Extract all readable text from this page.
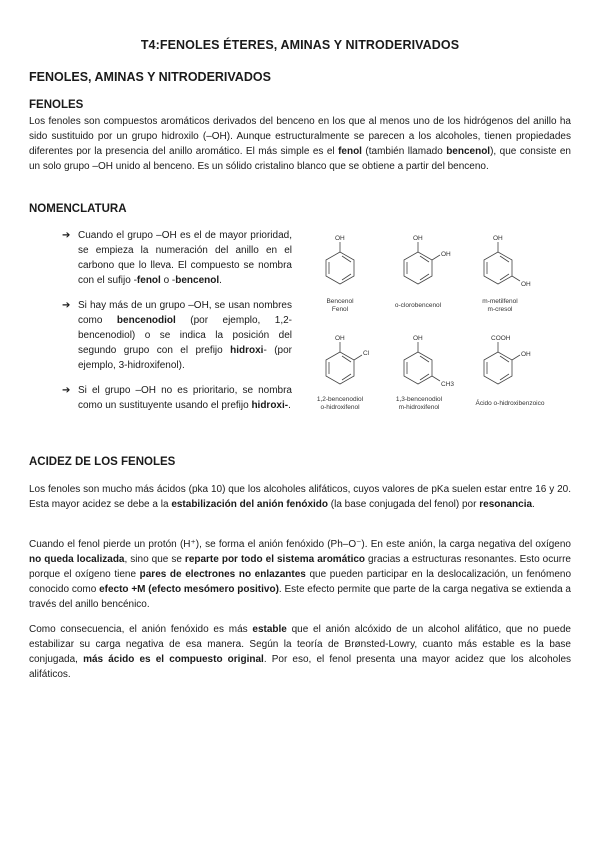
T4:FENOLES ÉTERES, AMINAS Y NITRODERIVADOS
FENOLES, AMINAS Y NITRODERIVADOS
FENOLES

Los fenoles son compuestos aromáticos derivados del benceno en los que al menos uno de los hidrógenos del anillo ha sido sustituido por un grupo hidroxilo (–OH). Aunque estructuralmente se parecen a los alcoholes, tienen propiedades diferentes por la presencia del anillo aromático. El más simple es el fenol (también llamado bencenol), que consiste en un solo grupo –OH unido al benceno. Es un sólido cristalino blanco que se obtiene a partir del benceno.

NOMENCLATURA
➔ Cuando el grupo –OH es el de mayor prioridad, se empieza la numeración del anillo en el carbono que lo lleva. El compuesto se nombra con el sufijo -fenol o -bencenol.
➔ Si hay más de un grupo –OH, se usan nombres como bencenodiol (por ejemplo, 1,2-bencenodiol) o se indica la posición del segundo grupo con el prefijo hidroxi- (por ejemplo, 3-hidroxifenol).
➔ Si el grupo –OH no es prioritario, se nombra como un sustituyente usando el prefijo hidroxi-.
OH	OH
OH
OH
OH
OH
Cl
OH
CH3
COOH
OH
Bencenol
Fenol
o-clorobencenol
m-metilfenol
m-cresol
1,2-bencenodiol
o-hidroxifenol
1,3-bencenodiol
m-hidroxifenol
Ácido o-hidroxibenzoico
ACIDEZ DE LOS FENOLES

Los fenoles son mucho más ácidos (pka 10) que los alcoholes alifáticos, cuyos valores de pKa suelen estar entre 16 y 20. Esta mayor acidez se debe a la estabilización del anión fenóxido (la base conjugada del fenol) por resonancia.

Cuando el fenol pierde un protón (H⁺), se forma el anión fenóxido (Ph–O⁻). En este anión, la carga negativa del oxígeno no queda localizada, sino que se reparte por todo el sistema aromático gracias a estructuras resonantes. Esto ocurre porque el oxígeno tiene pares de electrones no enlazantes que pueden participar en la deslocalización, un fenómeno conocido como efecto +M (efecto mesómero positivo). Este efecto permite que parte de la carga negativa se extienda a través del anillo bencénico.

Como consecuencia, el anión fenóxido es más estable que el anión alcóxido de un alcohol alifático, que no puede estabilizar su carga negativa de esa manera. Según la teoría de Brønsted-Lowry, cuanto más estable es la base conjugada, más ácido es el compuesto original. Por eso, el fenol presenta una mayor acidez que los alcoholes alifáticos.
